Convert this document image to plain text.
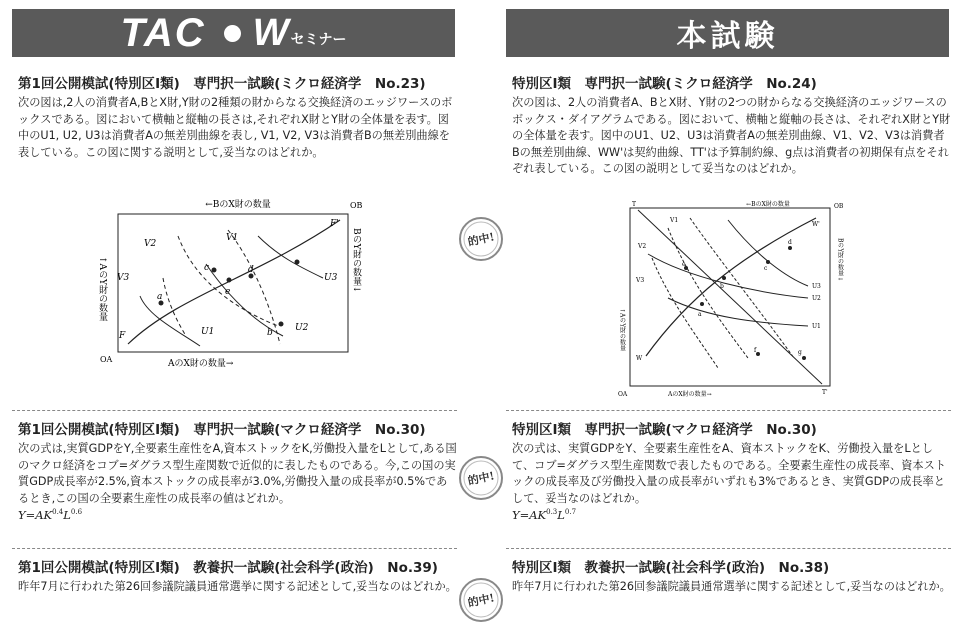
TAC W セミナー	本試験
第1回公開模試(特別区Ⅰ類)　専門択一試験(ミクロ経済学　No.23)
次の図は,2人の消費者A,BとX財,Y財の2種類の財からなる交換経済のエッジワースのボックスである。図において横軸と縦軸の長さは,それぞれX財とY財の全体量を表す。図中のU1, U2, U3は消費者Aの無差別曲線を表し, V1, V2, V3は消費者Bの無差別曲線を表している。この図に関する説明として,妥当なのはどれか。
←BのX財の数量	OB
OA	AのX財の数量→
↑AのY財の数量	BのY財の数量↓
V1
V2
V3
U1	U2
U3
F
F'
a
b
c	d
e
特別区Ⅰ類　専門択一試験(ミクロ経済学　No.24)
次の図は、2人の消費者A、BとX財、Y財の2つの財からなる交換経済のエッジワースのボックス・ダイアグラムである。図において、横軸と縦軸の長さは、それぞれX財とY財の全体量を表す。図中のU1、U2、U3は消費者Aの無差別曲線、V1、V2、V3は消費者Bの無差別曲線、WW'は契約曲線、TT'は予算制約線、g点は消費者の初期保有点をそれぞれ表している。この図の説明として妥当なのはどれか。
←BのX財の数量	OB
OA	AのX財の数量→
↑AのY財の数量
BのY財の数量↓
T
T'
W
W'
V1
V2
V3
U1
U2
U3
a
b
c
d
e
f	g
第1回公開模試(特別区Ⅰ類)　専門択一試験(マクロ経済学　No.30)
次の式は,実質GDPをY,全要素生産性をA,資本ストックをK,労働投入量をLとして,ある国のマクロ経済をコブ=ダグラス型生産関数で近似的に表したものである。今,この国の実質GDP成長率が2.5%,資本ストックの成長率が3.0%,労働投入量の成長率が0.5%であるとき,この国の全要素生産性の成長率の値はどれか。
$Y=AK^{0.4}L^{0.6}$
特別区Ⅰ類　専門択一試験(マクロ経済学　No.30)
次の式は、実質GDPをY、全要素生産性をA、資本ストックをK、労働投入量をLとして、コブ=ダグラス型生産関数で表したものである。全要素生産性の成長率、資本ストックの成長率及び労働投入量の成長率がいずれも3%であるとき、実質GDPの成長率として、妥当なのはどれか。
$Y=AK^{0.3}L^{0.7}$
第1回公開模試(特別区Ⅰ類)　教養択一試験(社会科学(政治)　No.39)
昨年7月に行われた第26回参議院議員通常選挙に関する記述として,妥当なのはどれか。
特別区Ⅰ類　教養択一試験(社会科学(政治)　No.38)
昨年7月に行われた第26回参議院議員通常選挙に関する記述として,妥当なのはどれか。
的中!
的中!
的中!
